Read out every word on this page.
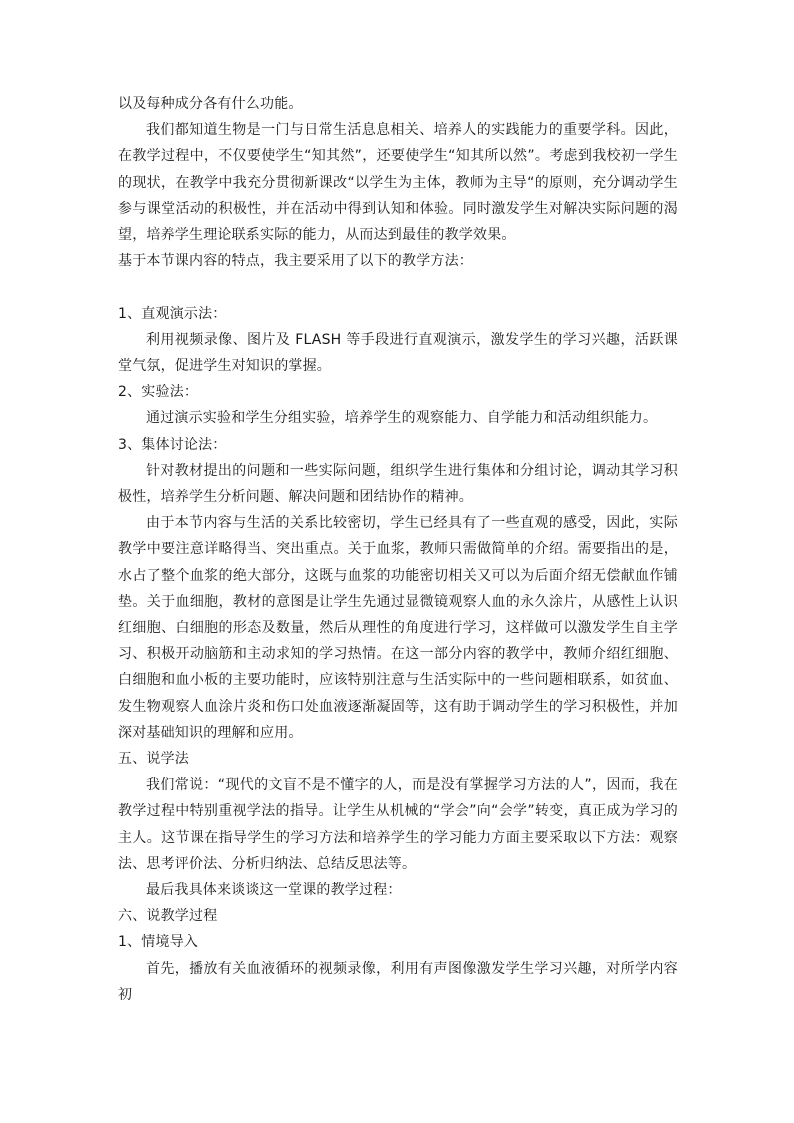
以及每种成分各有什么功能。

我们都知道生物是一门与日常生活息息相关、培养人的实践能力的重要学科。因此，在教学过程中，不仅要使学生“知其然”，还要使学生“知其所以然”。考虑到我校初一学生的现状，在教学中我充分贯彻新课改“以学生为主体，教师为主导“的原则，充分调动学生参与课堂活动的积极性，并在活动中得到认知和体验。同时激发学生对解决实际问题的渴望，培养学生理论联系实际的能力，从而达到最佳的教学效果。

基于本节课内容的特点，我主要采用了以下的教学方法：

1、直观演示法：

利用视频录像、图片及 FLASH 等手段进行直观演示，激发学生的学习兴趣，活跃课堂气氛，促进学生对知识的掌握。

2、实验法：

通过演示实验和学生分组实验，培养学生的观察能力、自学能力和活动组织能力。

3、集体讨论法：

针对教材提出的问题和一些实际问题，组织学生进行集体和分组讨论，调动其学习积极性，培养学生分析问题、解决问题和团结协作的精神。

由于本节内容与生活的关系比较密切，学生已经具有了一些直观的感受，因此，实际教学中要注意详略得当、突出重点。关于血浆，教师只需做简单的介绍。需要指出的是，水占了整个血浆的绝大部分，这既与血浆的功能密切相关又可以为后面介绍无偿献血作铺垫。关于血细胞，教材的意图是让学生先通过显微镜观察人血的永久涂片，从感性上认识红细胞、白细胞的形态及数量，然后从理性的角度进行学习，这样做可以激发学生自主学习、积极开动脑筋和主动求知的学习热情。在这一部分内容的教学中，教师介绍红细胞、白细胞和血小板的主要功能时，应该特别注意与生活实际中的一些问题相联系，如贫血、发生物观察人血涂片炎和伤口处血液逐渐凝固等，这有助于调动学生的学习积极性，并加深对基础知识的理解和应用。

五、说学法

我们常说：“现代的文盲不是不懂字的人，而是没有掌握学习方法的人”，因而，我在教学过程中特别重视学法的指导。让学生从机械的“学会”向“会学”转变，真正成为学习的主人。这节课在指导学生的学习方法和培养学生的学习能力方面主要采取以下方法：观察法、思考评价法、分析归纳法、总结反思法等。

最后我具体来谈谈这一堂课的教学过程：

六、说教学过程

1、情境导入

首先，播放有关血液循环的视频录像，利用有声图像激发学生学习兴趣，对所学内容初
